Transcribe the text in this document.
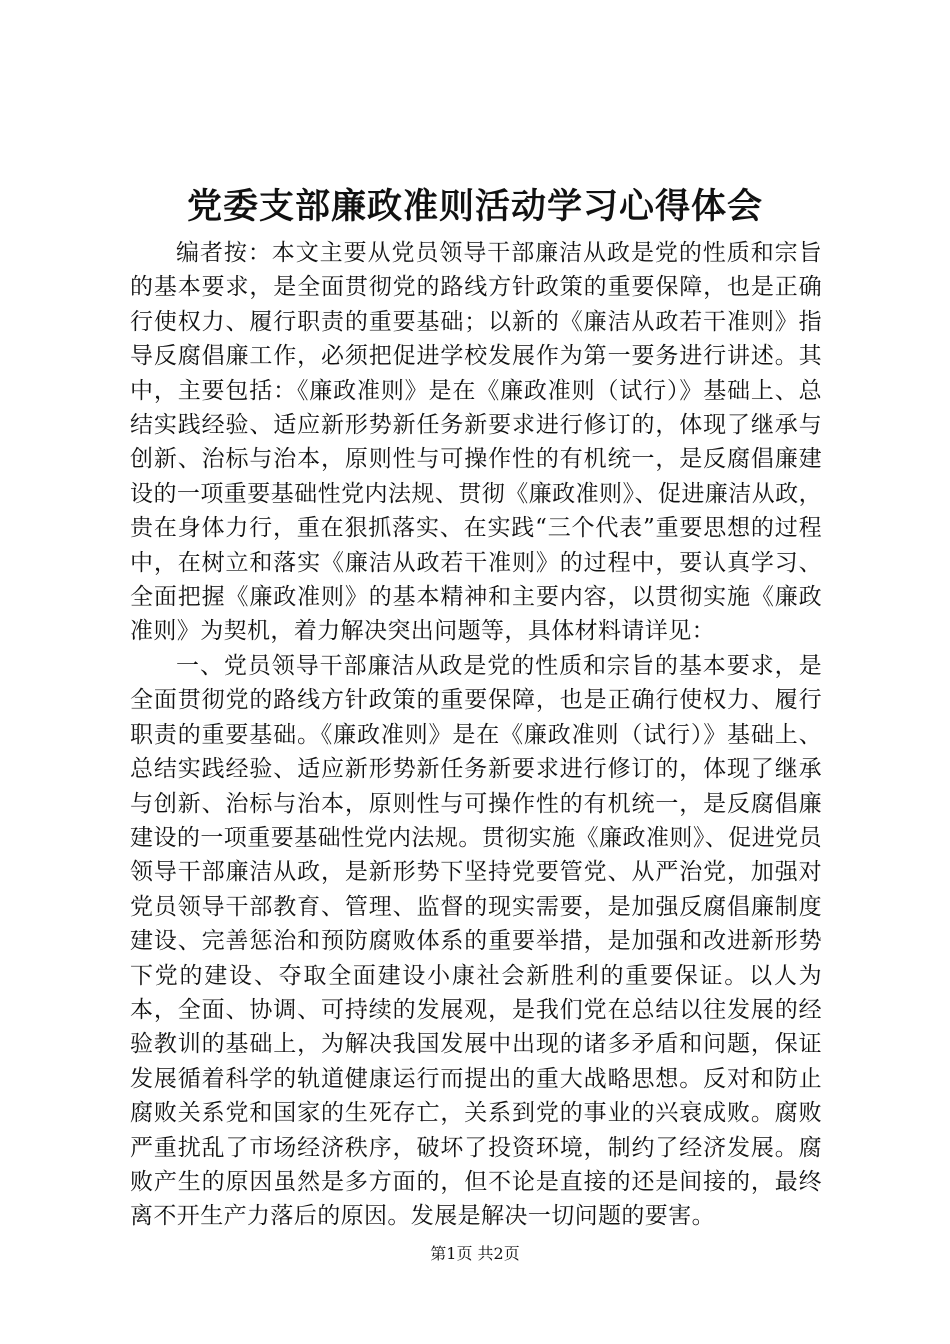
党委支部廉政准则活动学习心得体会

编者按：本文主要从党员领导干部廉洁从政是党的性质和宗旨的基本要求，是全面贯彻党的路线方针政策的重要保障，也是正确行使权力、履行职责的重要基础；以新的《廉洁从政若干准则》指导反腐倡廉工作，必须把促进学校发展作为第一要务进行讲述。其中，主要包括：《廉政准则》是在《廉政准则（试行）》基础上、总结实践经验、适应新形势新任务新要求进行修订的，体现了继承与创新、治标与治本，原则性与可操作性的有机统一，是反腐倡廉建设的一项重要基础性党内法规、贯彻《廉政准则》、促进廉洁从政，贵在身体力行，重在狠抓落实、在实践“三个代表”重要思想的过程中，在树立和落实《廉洁从政若干准则》的过程中，要认真学习、全面把握《廉政准则》的基本精神和主要内容，以贯彻实施《廉政准则》为契机，着力解决突出问题等，具体材料请详见：

一、党员领导干部廉洁从政是党的性质和宗旨的基本要求，是全面贯彻党的路线方针政策的重要保障，也是正确行使权力、履行职责的重要基础。《廉政准则》是在《廉政准则（试行）》基础上、总结实践经验、适应新形势新任务新要求进行修订的，体现了继承与创新、治标与治本，原则性与可操作性的有机统一，是反腐倡廉建设的一项重要基础性党内法规。贯彻实施《廉政准则》、促进党员领导干部廉洁从政，是新形势下坚持党要管党、从严治党，加强对党员领导干部教育、管理、监督的现实需要，是加强反腐倡廉制度建设、完善惩治和预防腐败体系的重要举措，是加强和改进新形势下党的建设、夺取全面建设小康社会新胜利的重要保证。以人为本，全面、协调、可持续的发展观，是我们党在总结以往发展的经验教训的基础上，为解决我国发展中出现的诸多矛盾和问题，保证发展循着科学的轨道健康运行而提出的重大战略思想。反对和防止腐败关系党和国家的生死存亡，关系到党的事业的兴衰成败。腐败严重扰乱了市场经济秩序，破坏了投资环境，制约了经济发展。腐败产生的原因虽然是多方面的，但不论是直接的还是间接的，最终离不开生产力落后的原因。发展是解决一切问题的要害。

第1页 共2页
